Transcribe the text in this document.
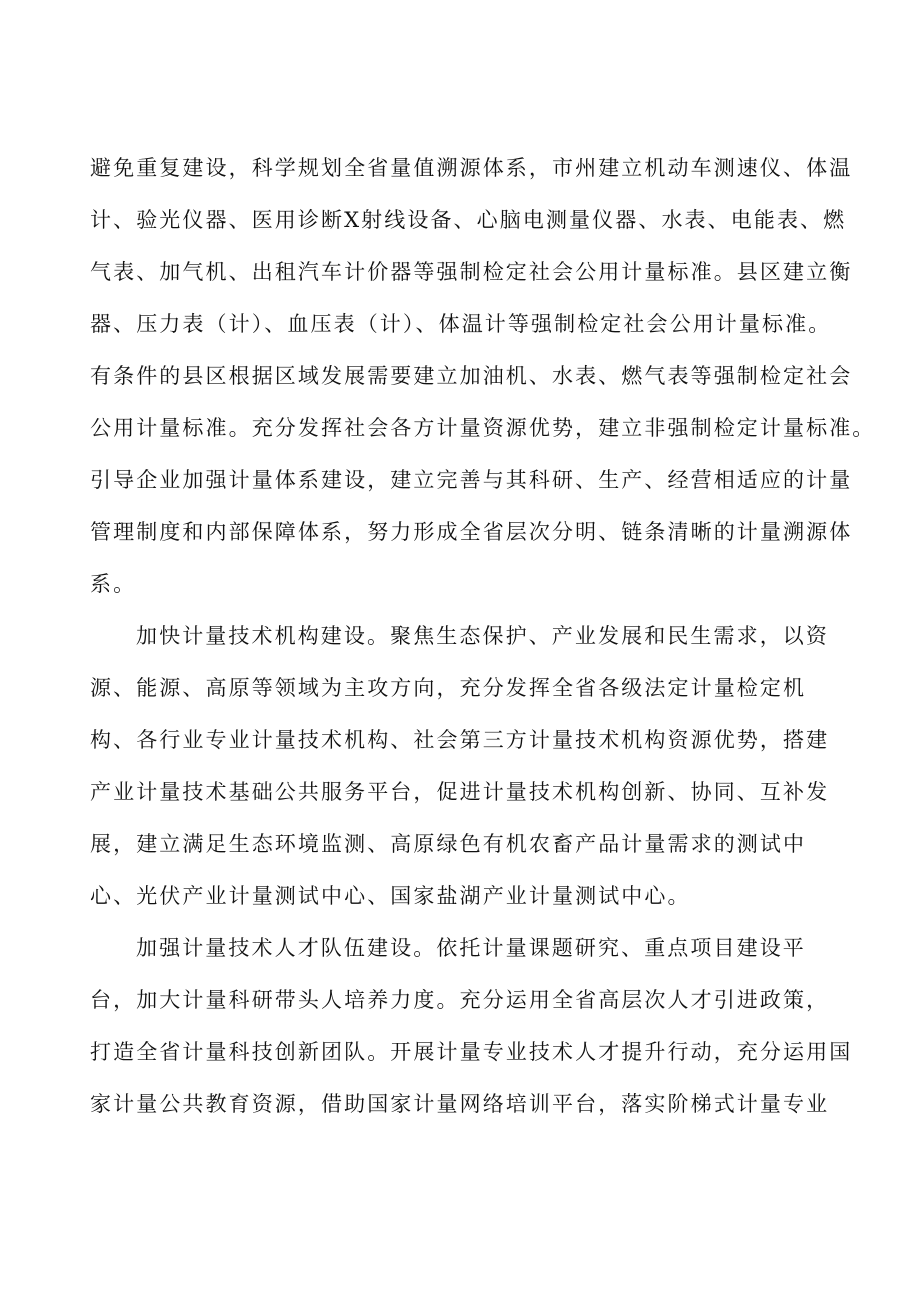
避免重复建设，科学规划全省量值溯源体系，市州建立机动车测速仪、体温
计、验光仪器、医用诊断X射线设备、心脑电测量仪器、水表、电能表、燃
气表、加气机、出租汽车计价器等强制检定社会公用计量标准。县区建立衡
器、压力表（计）、血压表（计）、体温计等强制检定社会公用计量标准。
有条件的县区根据区域发展需要建立加油机、水表、燃气表等强制检定社会
公用计量标准。充分发挥社会各方计量资源优势，建立非强制检定计量标准。
引导企业加强计量体系建设，建立完善与其科研、生产、经营相适应的计量
管理制度和内部保障体系，努力形成全省层次分明、链条清晰的计量溯源体
系。
加快计量技术机构建设。聚焦生态保护、产业发展和民生需求，以资
源、能源、高原等领域为主攻方向，充分发挥全省各级法定计量检定机
构、各行业专业计量技术机构、社会第三方计量技术机构资源优势，搭建
产业计量技术基础公共服务平台，促进计量技术机构创新、协同、互补发
展，建立满足生态环境监测、高原绿色有机农畜产品计量需求的测试中
心、光伏产业计量测试中心、国家盐湖产业计量测试中心。
加强计量技术人才队伍建设。依托计量课题研究、重点项目建设平
台，加大计量科研带头人培养力度。充分运用全省高层次人才引进政策，
打造全省计量科技创新团队。开展计量专业技术人才提升行动，充分运用国
家计量公共教育资源，借助国家计量网络培训平台，落实阶梯式计量专业
